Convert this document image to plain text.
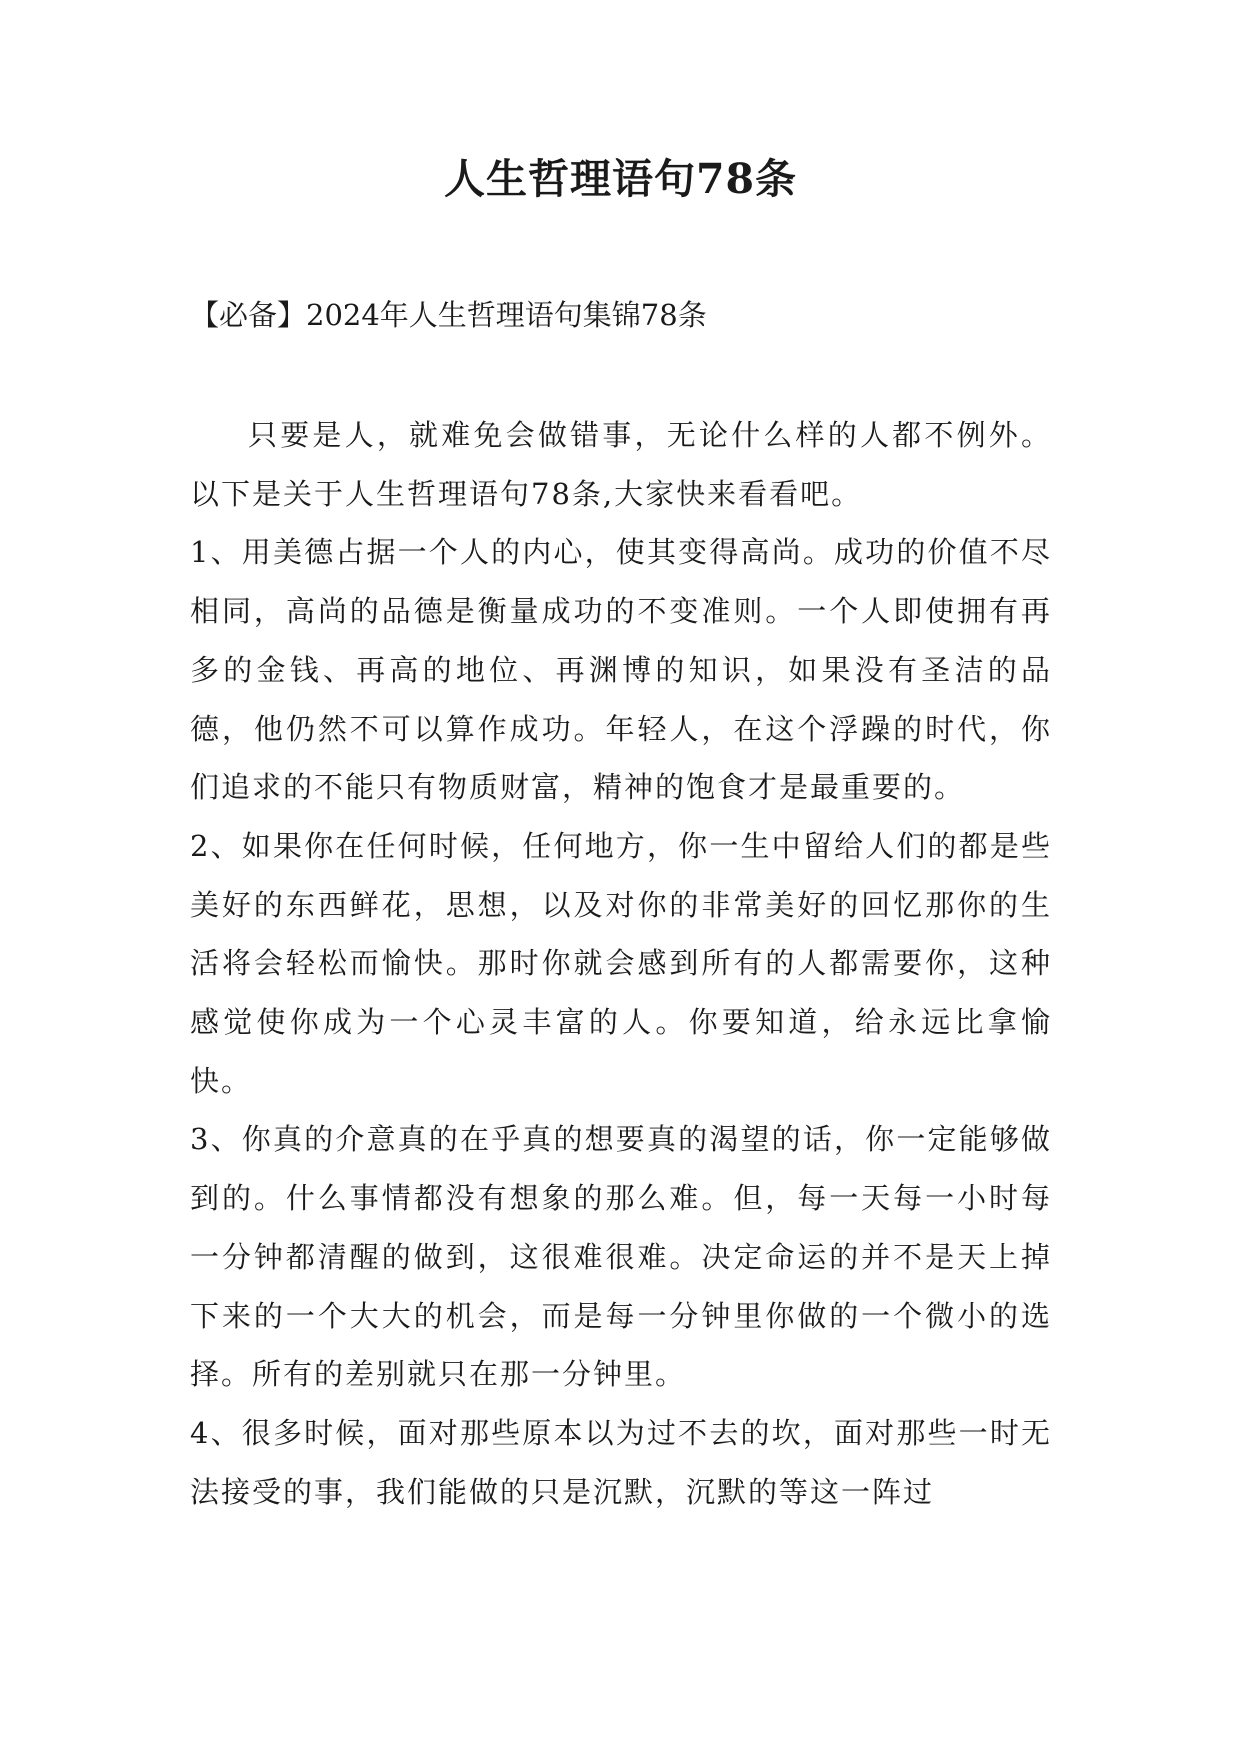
人生哲理语句78条
【必备】2024年人生哲理语句集锦78条

只要是人，就难免会做错事，无论什么样的人都不例外。以下是关于人生哲理语句78条,大家快来看看吧。

1、用美德占据一个人的内心，使其变得高尚。成功的价值不尽相同，高尚的品德是衡量成功的不变准则。一个人即使拥有再多的金钱、再高的地位、再渊博的知识，如果没有圣洁的品德，他仍然不可以算作成功。年轻人，在这个浮躁的时代，你们追求的不能只有物质财富，精神的饱食才是最重要的。

2、如果你在任何时候，任何地方，你一生中留给人们的都是些美好的东西鲜花，思想，以及对你的非常美好的回忆那你的生活将会轻松而愉快。那时你就会感到所有的人都需要你，这种感觉使你成为一个心灵丰富的人。你要知道，给永远比拿愉快。

3、你真的介意真的在乎真的想要真的渴望的话，你一定能够做到的。什么事情都没有想象的那么难。但，每一天每一小时每一分钟都清醒的做到，这很难很难。决定命运的并不是天上掉下来的一个大大的机会，而是每一分钟里你做的一个微小的选择。所有的差别就只在那一分钟里。

4、很多时候，面对那些原本以为过不去的坎，面对那些一时无法接受的事，我们能做的只是沉默，沉默的等这一阵过
